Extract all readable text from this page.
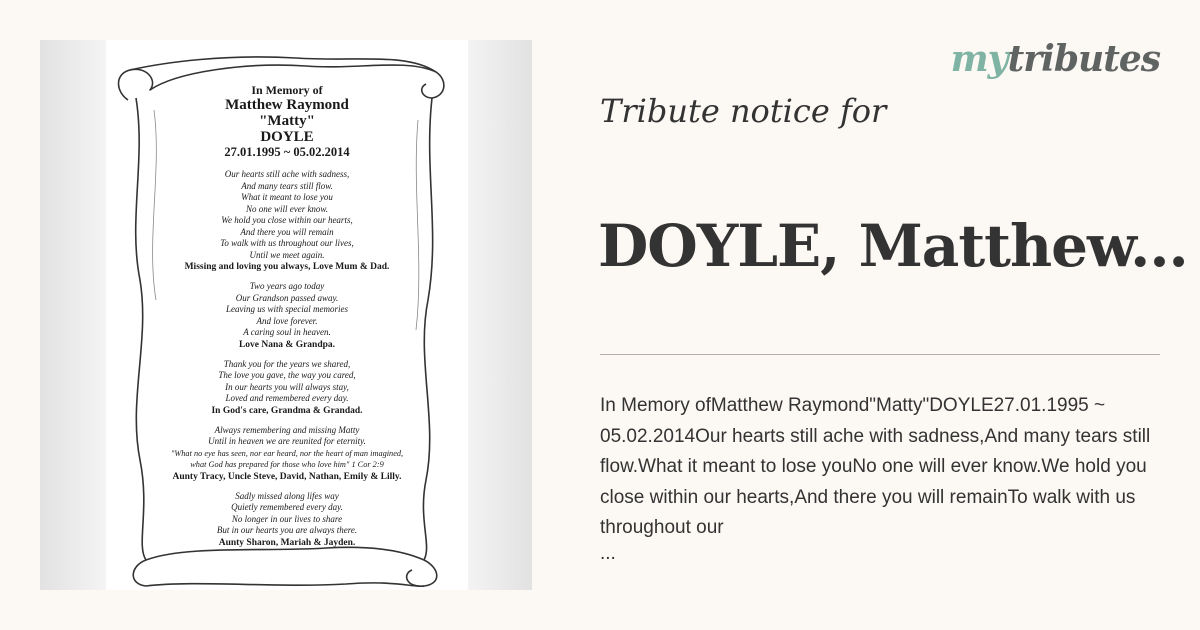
In Memory of
Matthew Raymond
"Matty"
DOYLE
27.01.1995 ~ 05.02.2014
Our hearts still ache with sadness,
And many tears still flow.
What it meant to lose you
No one will ever know.
We hold you close within our hearts,
And there you will remain
To walk with us throughout our lives,
Until we meet again.
Missing and loving you always, Love Mum & Dad.
Two years ago today
Our Grandson passed away.
Leaving us with special memories
And love forever.
A caring soul in heaven.
Love Nana & Grandpa.
Thank you for the years we shared,
The love you gave, the way you cared,
In our hearts you will always stay,
Loved and remembered every day.
In God's care, Grandma & Grandad.
Always remembering and missing Matty
Until in heaven we are reunited for eternity.
"What no eye has seen, nor ear heard, nor the heart of man imagined,
what God has prepared for those who love him" 1 Cor 2:9
Aunty Tracy, Uncle Steve, David, Nathan, Emily & Lilly.
Sadly missed along lifes way
Quietly remembered every day.
No longer in our lives to share
But in our hearts you are always there.
Aunty Sharon, Mariah & Jayden.
mytributes
Tribute notice for
DOYLE, Matthew...
In Memory ofMatthew Raymond"Matty"DOYLE27.01.1995 ~ 05.02.2014Our hearts still ache with sadness,And many tears still flow.What it meant to lose youNo one will ever know.We hold you close within our hearts,And there you will remainTo walk with us throughout our
...
